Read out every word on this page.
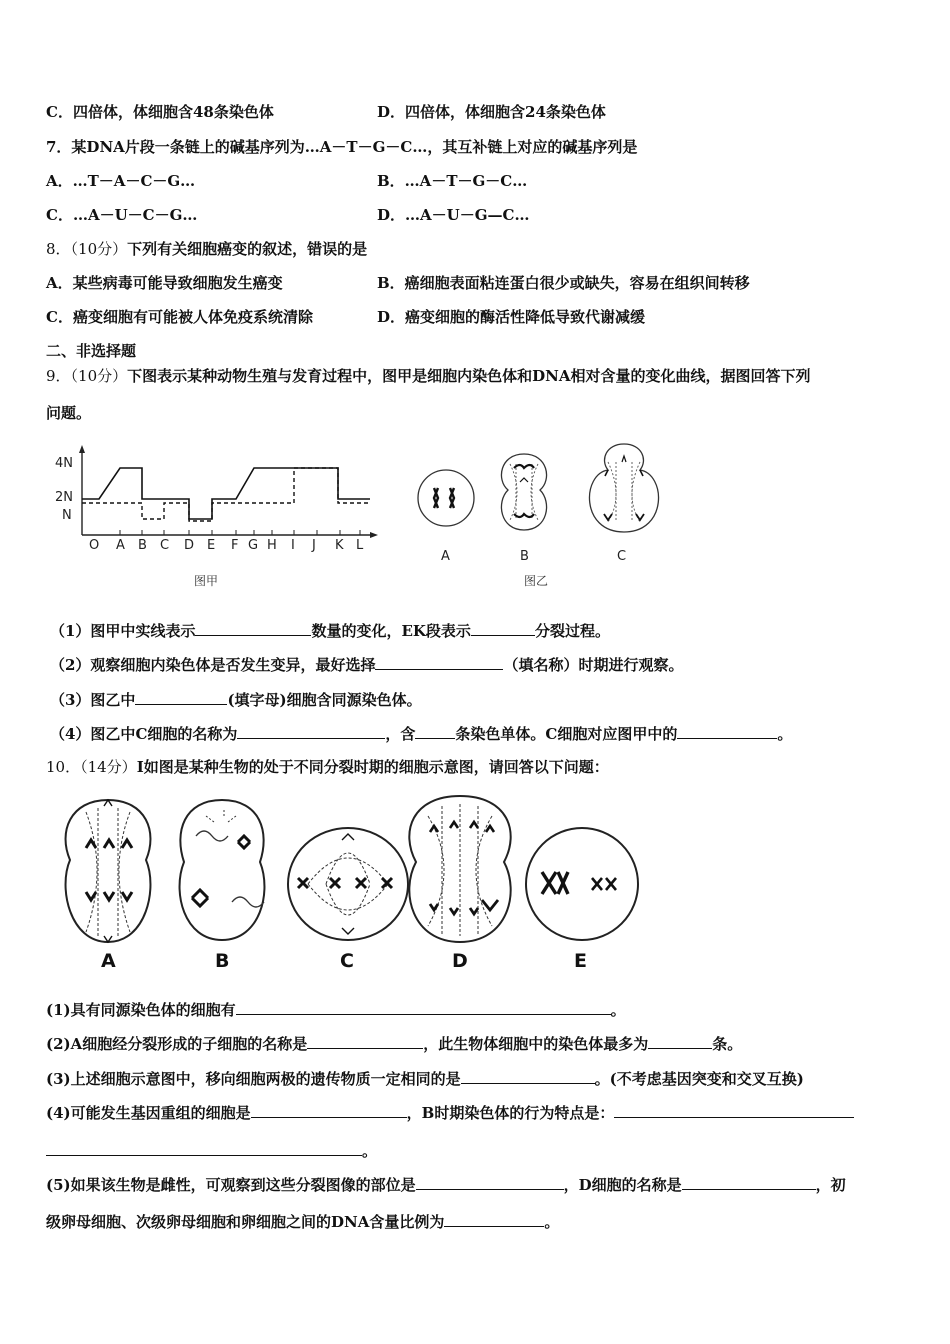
C．四倍体，体细胞含48条染色体	D．四倍体，体细胞含24条染色体
7．某DNA片段一条链上的碱基序列为…A－T－G－C…，其互补链上对应的碱基序列是
A．…T－A－C－G…	B．…A－T－G－C…
C．…A－U－C－G…	D．…A－U－G—C…
8．（10分）下列有关细胞癌变的叙述，错误的是
A．某些病毒可能导致细胞发生癌变	B．癌细胞表面粘连蛋白很少或缺失，容易在组织间转移
C．癌变细胞有可能被人体免疫系统清除	D．癌变细胞的酶活性降低导致代谢减缓
二、非选择题
9．（10分）下图表示某种动物生殖与发育过程中，图甲是细胞内染色体和DNA相对含量的变化曲线，据图回答下列
问题。
4N
2N
N
O A B C D E F G H I J K L
图甲
A	B	C
图乙
（1）图甲中实线表示	数量的变化，EK段表示	分裂过程。
（2）观察细胞内染色体是否发生变异，最好选择	（填名称）时期进行观察。
（3）图乙中	(填字母)细胞含同源染色体。
（4）图乙中C细胞的名称为	，含	条染色单体。C细胞对应图甲中的	。
10．（14分）I如图是某种生物的处于不同分裂时期的细胞示意图，请回答以下问题：
A	B	C	D	E
(1)具有同源染色体的细胞有	。
(2)A细胞经分裂形成的子细胞的名称是	，此生物体细胞中的染色体最多为	条。
(3)上述细胞示意图中，移向细胞两极的遗传物质一定相同的是	。(不考虑基因突变和交叉互换)
(4)可能发生基因重组的细胞是	，B时期染色体的行为特点是：
。
(5)如果该生物是雌性，可观察到这些分裂图像的部位是	，D细胞的名称是	，初
级卵母细胞、次级卵母细胞和卵细胞之间的DNA含量比例为	。
